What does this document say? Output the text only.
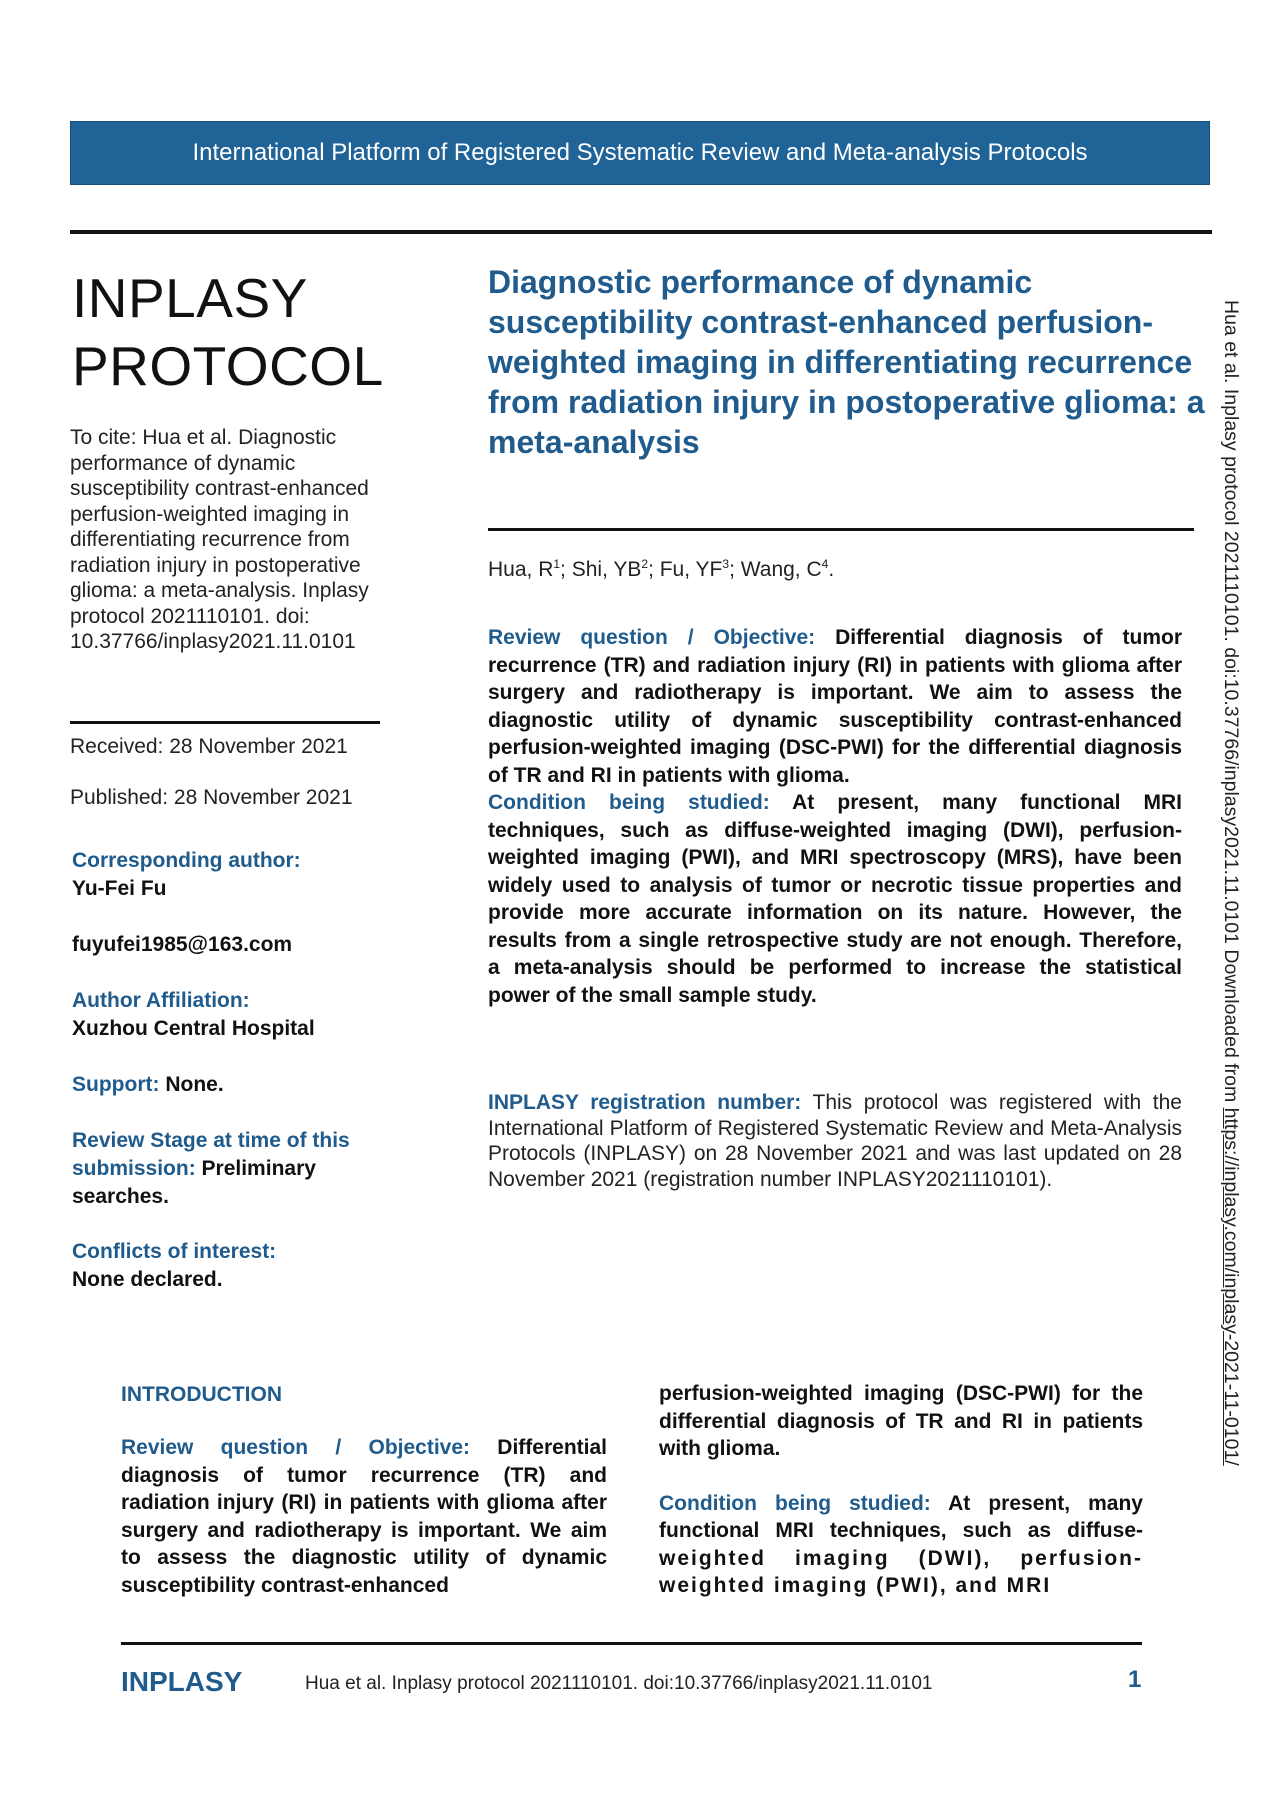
International Platform of Registered Systematic Review and Meta-analysis Protocols
INPLASY
PROTOCOL
To cite: Hua et al. Diagnostic performance of dynamic susceptibility contrast-enhanced perfusion-weighted imaging in differentiating recurrence from radiation injury in postoperative glioma: a meta-analysis. Inplasy protocol 2021110101. doi: 10.37766/inplasy2021.11.0101
Received: 28 November 2021
Published: 28 November 2021
Corresponding author:
Yu-Fei Fu
fuyufei1985@163.com
Author Affiliation:
Xuzhou Central Hospital
Support: None.
Review Stage at time of this submission: Preliminary searches.
Conflicts of interest:
None declared.
Diagnostic performance of dynamic susceptibility contrast-enhanced perfusion-weighted imaging in differentiating recurrence from radiation injury in postoperative glioma: a meta-analysis
Hua, $R^1$; Shi, $YB^2$; Fu, $YF^3$; Wang, $C^4$.
Review question / Objective: Differential diagnosis of tumor recurrence (TR) and radiation injury (RI) in patients with glioma after surgery and radiotherapy is important. We aim to assess the diagnostic utility of dynamic susceptibility contrast-enhanced perfusion-weighted imaging (DSC-PWI) for the differential diagnosis of TR and RI in patients with glioma.
Condition being studied: At present, many functional MRI techniques, such as diffuse-weighted imaging (DWI), perfusion-weighted imaging (PWI), and MRI spectroscopy (MRS), have been widely used to analysis of tumor or necrotic tissue properties and provide more accurate information on its nature. However, the results from a single retrospective study are not enough. Therefore, a meta-analysis should be performed to increase the statistical power of the small sample study.
INPLASY registration number: This protocol was registered with the International Platform of Registered Systematic Review and Meta-Analysis Protocols (INPLASY) on 28 November 2021 and was last updated on 28 November 2021 (registration number INPLASY2021110101).
INTRODUCTION
Review question / Objective: Differential diagnosis of tumor recurrence (TR) and radiation injury (RI) in patients with glioma after surgery and radiotherapy is important. We aim to assess the diagnostic utility of dynamic susceptibility contrast-enhanced
perfusion-weighted imaging (DSC-PWI) for the differential diagnosis of TR and RI in patients with glioma.
Condition being studied: At present, many functional MRI techniques, such as diffuse- weighted imaging (DWI), perfusion-weighted imaging (PWI), and MRI
INPLASY	Hua et al. Inplasy protocol 2021110101. doi:10.37766/inplasy2021.11.0101	1
Hua et al. Inplasy protocol 2021110101. doi:10.37766/inplasy2021.11.0101 Downloaded from https://inplasy.com/inplasy-2021-11-0101/
